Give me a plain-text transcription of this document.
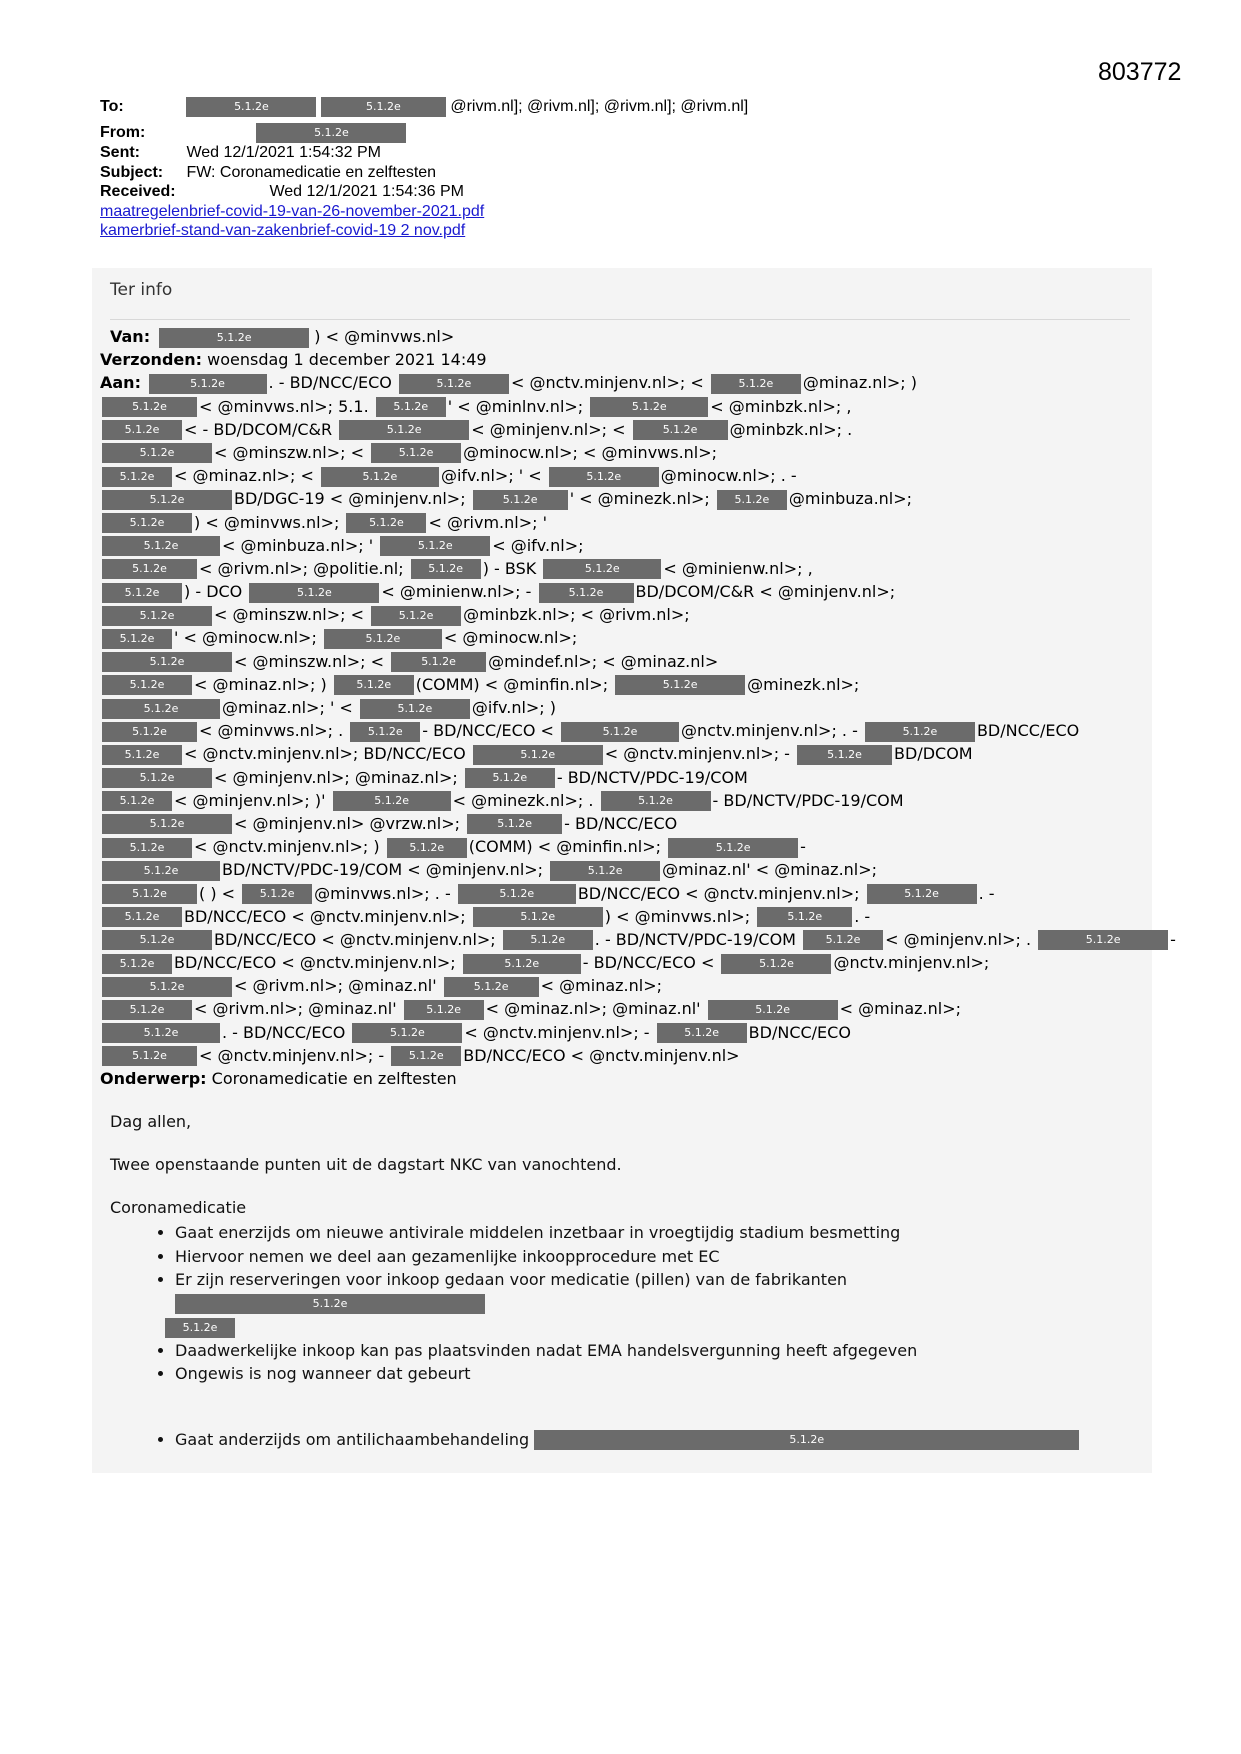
803772
To:	5.1.2e	5.1.2e	@rivm.nl]; @rivm.nl]; @rivm.nl]; @rivm.nl]
From:	5.1.2e
Sent:	Wed 12/1/2021 1:54:32 PM
Subject: FW: Coronamedicatie en zelftesten
Received:	Wed 12/1/2021 1:54:36 PM
maatregelenbrief-covid-19-van-26-november-2021.pdf
kamerbrief-stand-van-zakenbrief-covid-19 2 nov.pdf
Ter info
Van:	5.1.2e	) < @minvws.nl>
Verzonden: woensdag 1 december 2021 14:49
Aan:	5.1.2e	. - BD/NCC/ECO	5.1.2e < @nctv.minjenv.nl>; <	5.1.2e @minaz.nl>; )
5.1.2e < @minvws.nl>; 5.1. 5.1.2e ' < @minlnv.nl>;	5.1.2e	< @minbzk.nl>; ,
5.1.2e < - BD/DCOM/C&R	5.1.2e	< @minjenv.nl>; <	5.1.2e @minbzk.nl>; .
5.1.2e < @minszw.nl>; <	5.1.2e @minocw.nl>; < @minvws.nl>;
5.1.2e < @minaz.nl>; <	5.1.2e	@ifv.nl>; ' <	5.1.2e @minocw.nl>; . -
5.1.2e	BD/DGC-19 < @minjenv.nl>;	5.1.2e ' < @minezk.nl>; 5.1.2e @minbuza.nl>;
5.1.2e ) < @minvws.nl>; 5.1.2e < @rivm.nl>; '
5.1.2e	< @minbuza.nl>; '	5.1.2e < @ifv.nl>;
5.1.2e < @rivm.nl>; @politie.nl; 5.1.2e ) - BSK	5.1.2e	< @minienw.nl>; ,
5.1.2e ) - DCO	5.1.2e	< @minienw.nl>; -	5.1.2e BD/DCOM/C&R < @minjenv.nl>;
5.1.2e < @minszw.nl>; <	5.1.2e @minbzk.nl>; < @rivm.nl>;
5.1.2e ' < @minocw.nl>;	5.1.2e	< @minocw.nl>;
5.1.2e	< @minszw.nl>; <	5.1.2e @mindef.nl>; < @minaz.nl>
5.1.2e < @minaz.nl>; ) 5.1.2e (COMM) < @minfin.nl>;	5.1.2e	@minezk.nl>;
5.1.2e	@minaz.nl>; ' <	5.1.2e @ifv.nl>; )
5.1.2e < @minvws.nl>; . 5.1.2e - BD/NCC/ECO <	5.1.2e	@nctv.minjenv.nl>; . -	5.1.2e BD/NCC/ECO
5.1.2e < @nctv.minjenv.nl>; BD/NCC/ECO	5.1.2e	< @nctv.minjenv.nl>; -	5.1.2e BD/DCOM
5.1.2e < @minjenv.nl>; @minaz.nl>;	5.1.2e - BD/NCTV/PDC-19/COM
5.1.2e < @minjenv.nl>; )'	5.1.2e	< @minezk.nl>; .	5.1.2e - BD/NCTV/PDC-19/COM
5.1.2e	< @minjenv.nl> @vrzw.nl>;	5.1.2e - BD/NCC/ECO
5.1.2e < @nctv.minjenv.nl>; ) 5.1.2e (COMM) < @minfin.nl>;	5.1.2e	-
5.1.2e	BD/NCTV/PDC-19/COM < @minjenv.nl>;	5.1.2e @minaz.nl' < @minaz.nl>;
5.1.2e ( ) < 5.1.2e @minvws.nl>; . -	5.1.2e	BD/NCC/ECO < @nctv.minjenv.nl>;	5.1.2e . -
5.1.2e BD/NCC/ECO < @nctv.minjenv.nl>;	5.1.2e	) < @minvws.nl>;	5.1.2e . -
5.1.2e BD/NCC/ECO < @nctv.minjenv.nl>;	5.1.2e . - BD/NCTV/PDC-19/COM 5.1.2e < @minjenv.nl>; .	5.1.2e	-
5.1.2e BD/NCC/ECO < @nctv.minjenv.nl>;	5.1.2e	- BD/NCC/ECO <	5.1.2e @nctv.minjenv.nl>;
5.1.2e	< @rivm.nl>; @minaz.nl'	5.1.2e < @minaz.nl>;
5.1.2e < @rivm.nl>; @minaz.nl' 5.1.2e < @minaz.nl>; @minaz.nl'	5.1.2e	< @minaz.nl>;
5.1.2e	. - BD/NCC/ECO	5.1.2e < @nctv.minjenv.nl>; -	5.1.2e BD/NCC/ECO
5.1.2e < @nctv.minjenv.nl>; - 5.1.2e BD/NCC/ECO < @nctv.minjenv.nl>
Onderwerp: Coronamedicatie en zelftesten

Dag allen,

Twee openstaande punten uit de dagstart NKC van vanochtend.

Coronamedicatie

• Gaat enerzijds om nieuwe antivirale middelen inzetbaar in vroegtijdig stadium besmetting
• Hiervoor nemen we deel aan gezamenlijke inkoopprocedure met EC
• Er zijn reserveringen voor inkoop gedaan voor medicatie (pillen) van de fabrikanten 5.1.2e
5.1.2e
• Daadwerkelijke inkoop kan pas plaatsvinden nadat EMA handelsvergunning heeft afgegeven
• Ongewis is nog wanneer dat gebeurt
• Gaat anderzijds om antilichaambehandeling	5.1.2e
